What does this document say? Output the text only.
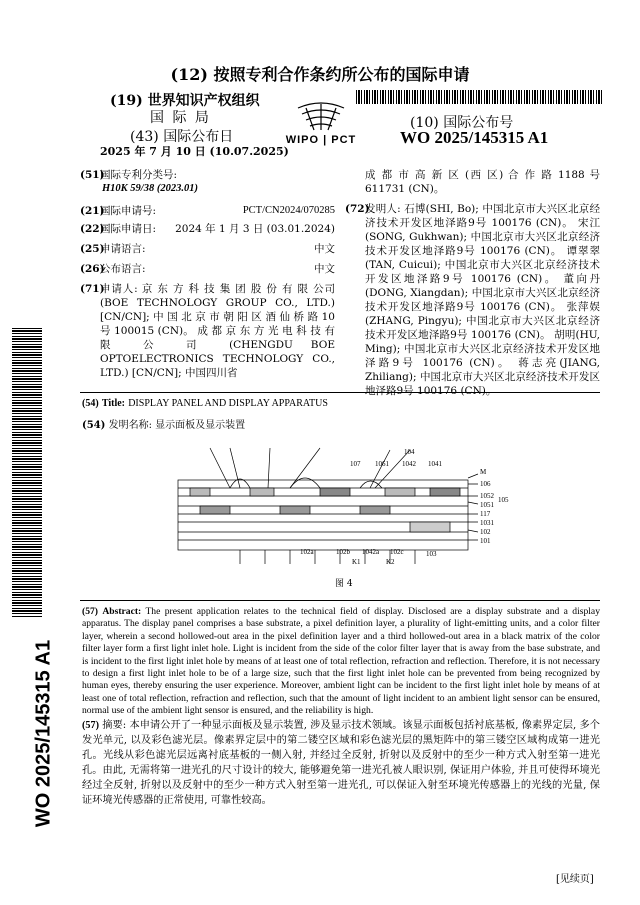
(12) 按照专利合作条约所公布的国际申请
(19) 世界知识产权组织
国 际 局
(43) 国际公布日
2025 年 7 月 10 日 (10.07.2025)
WIPO | PCT
(10) 国际公布号
WO 2025/145315 A1
(51)
国际专利分类号:
H10K 59/38 (2023.01)
(21)
国际申请号:	PCT/CN2024/070285
(22)
国际申请日:	2024 年 1 月 3 日 (03.01.2024)
(25)
申请语言:	中文
(26)
公布语言:	中文
(71)
申请人: 京 东 方 科 技 集 团 股 份 有 限 公司(BOE TECHNOLOGY GROUP CO., LTD.) [CN/CN]; 中 国 北 京 市 朝 阳 区 酒 仙 桥 路 10 号 100015 (CN)。 成 都 京 东 方 光 电 科 技 有 限 公 司 (CHENGDU BOE OPTOELECTRONICS TECHNOLOGY CO., LTD.) [CN/CN]; 中国四川省
成 都 市 高 新 区 (西 区) 合 作 路 1188 号 611731 (CN)。
(72)
发明人: 石博(SHI, Bo); 中国北京市大兴区北京经济技术开发区地泽路9号 100176 (CN)。 宋江 (SONG, Gukhwan); 中国北京市大兴区北京经济技术开发区地泽路9号 100176 (CN)。 谭翠翠(TAN, Cuicui); 中国北京市大兴区北京经济技术开发区地泽路9号 100176 (CN)。 董向丹(DONG, Xiangdan); 中国北京市大兴区北京经济技术开发区地泽路9号 100176 (CN)。 张萍娱(ZHANG, Pingyu); 中国北京市大兴区北京经济技术开发区地泽路9号 100176 (CN)。 胡明(HU, Ming); 中国北京市大兴区北京经济技术开发区地泽路9号 100176 (CN)。 蒋志亮(JIANG, Zhiliang); 中国北京市大兴区北京经济技术开发区地泽路9号 100176 (CN)。
(54) Title: DISPLAY PANEL AND DISPLAY APPARATUS
(54) 发明名称: 显示面板及显示装置
104
107 1061 1042 1041
M
106
1052 105
1051
117
1031
102
101
102a	102b 1042a 102c	103
K1	K2
图 4
(57) Abstract: The present application relates to the technical field of display. Disclosed are a display substrate and a display apparatus. The display panel comprises a base substrate, a pixel definition layer, a plurality of light-emitting units, and a color filter layer, wherein a second hollowed-out area in the pixel definition layer and a third hollowed-out area in a black matrix of the color filter layer form a first light inlet hole. Light is incident from the side of the color filter layer that is away from the base substrate, and is incident to the first light inlet hole by means of at least one of total reflection, refraction and reflection. Therefore, it is not necessary to design a first light inlet hole to be of a large size, such that the first light inlet hole can be prevented from being recognized by human eyes, thereby ensuring the user experience. Moreover, ambient light can be incident to the first light inlet hole by means of at least one of total reflection, refraction and reflection, such that the amount of light incident to an ambient light sensor can be ensured, normal use of the ambient light sensor is ensured, and the reliability is high.
(57) 摘要: 本申请公开了一种显示面板及显示装置, 涉及显示技术领域。该显示面板包括衬底基板, 像素界定层, 多个发光单元, 以及彩色滤光层。像素界定层中的第二镂空区域和彩色滤光层的黑矩阵中的第三镂空区域构成第一进光孔。光线从彩色滤光层远离衬底基板的一侧入射, 并经过全反射, 折射以及反射中的至少一种方式入射至第一进光孔。由此, 无需将第一进光孔的尺寸设计的较大, 能够避免第一进光孔被人眼识别, 保证用户体验, 并且可使得环境光经过全反射, 折射以及反射中的至少一种方式入射至第一进光孔, 可以保证入射至环境光传感器上的光线的光量, 保证环境光传感器的正常使用, 可靠性较高。
WO 2025/145315 A1
[见续页]
